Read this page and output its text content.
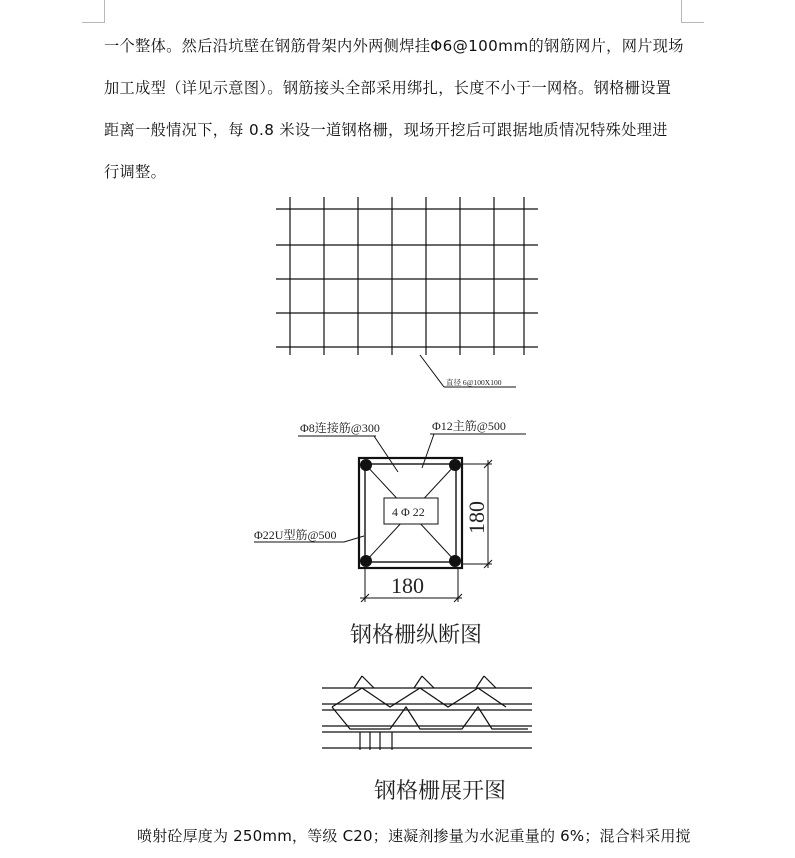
一个整体。然后沿坑壁在钢筋骨架内外两侧焊挂Φ6@100mm的钢筋网片，网片现场
加工成型（详见示意图）。钢筋接头全部采用绑扎，长度不小于一网格。钢格栅设置
距离一般情况下，每 0.8 米设一道钢格栅，现场开挖后可跟据地质情况特殊处理进
行调整。
直径 6@100X100
4 Φ 22
Φ8连接筋@300	Φ12主筋@500
Φ22U型筋@500
180
180
钢格栅纵断图
钢格栅展开图
喷射砼厚度为 250mm，等级 C20；速凝剂掺量为水泥重量的 6%；混合料采用搅
